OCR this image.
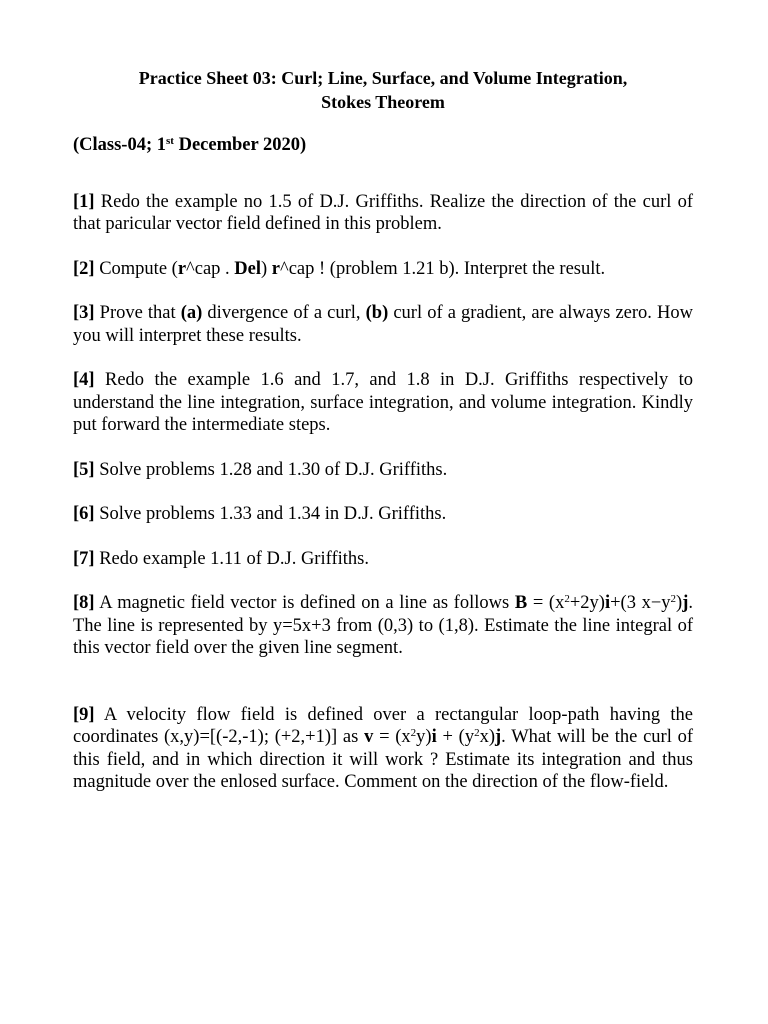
Practice Sheet 03: Curl; Line, Surface, and Volume Integration,
Stokes Theorem

(Class-04; 1st December 2020)
[1] Redo the example no 1.5 of D.J. Griffiths. Realize the direction of the curl of that paricular vector field defined in this problem.
[2] Compute (r^cap . Del) r^cap ! (problem 1.21 b). Interpret the result.
[3] Prove that (a) divergence of a curl, (b) curl of a gradient, are always zero. How you will interpret these results.
[4] Redo the example 1.6 and 1.7, and 1.8 in D.J. Griffiths respectively to understand the line integration, surface integration, and volume integration. Kindly put forward the intermediate steps.
[5] Solve problems 1.28 and 1.30 of D.J. Griffiths.
[6] Solve problems 1.33 and 1.34 in D.J. Griffiths.
[7] Redo example 1.11 of D.J. Griffiths.
[8] A magnetic field vector is defined on a line as follows $B = (x^2+2y)i+(3$ $x-y^2)j$. The line is represented by y=5x+3 from (0,3) to (1,8). Estimate the line integral of this vector field over the given line segment.
[9] A velocity flow field is defined over a rectangular loop-path having the coordinates (x,y)=[(-2,-1); (+2,+1)] as $v = (x^2y)i + (y^2x)j$. What will be the curl of this field, and in which direction it will work ? Estimate its integration and thus magnitude over the enlosed surface. Comment on the direction of the flow-field.
